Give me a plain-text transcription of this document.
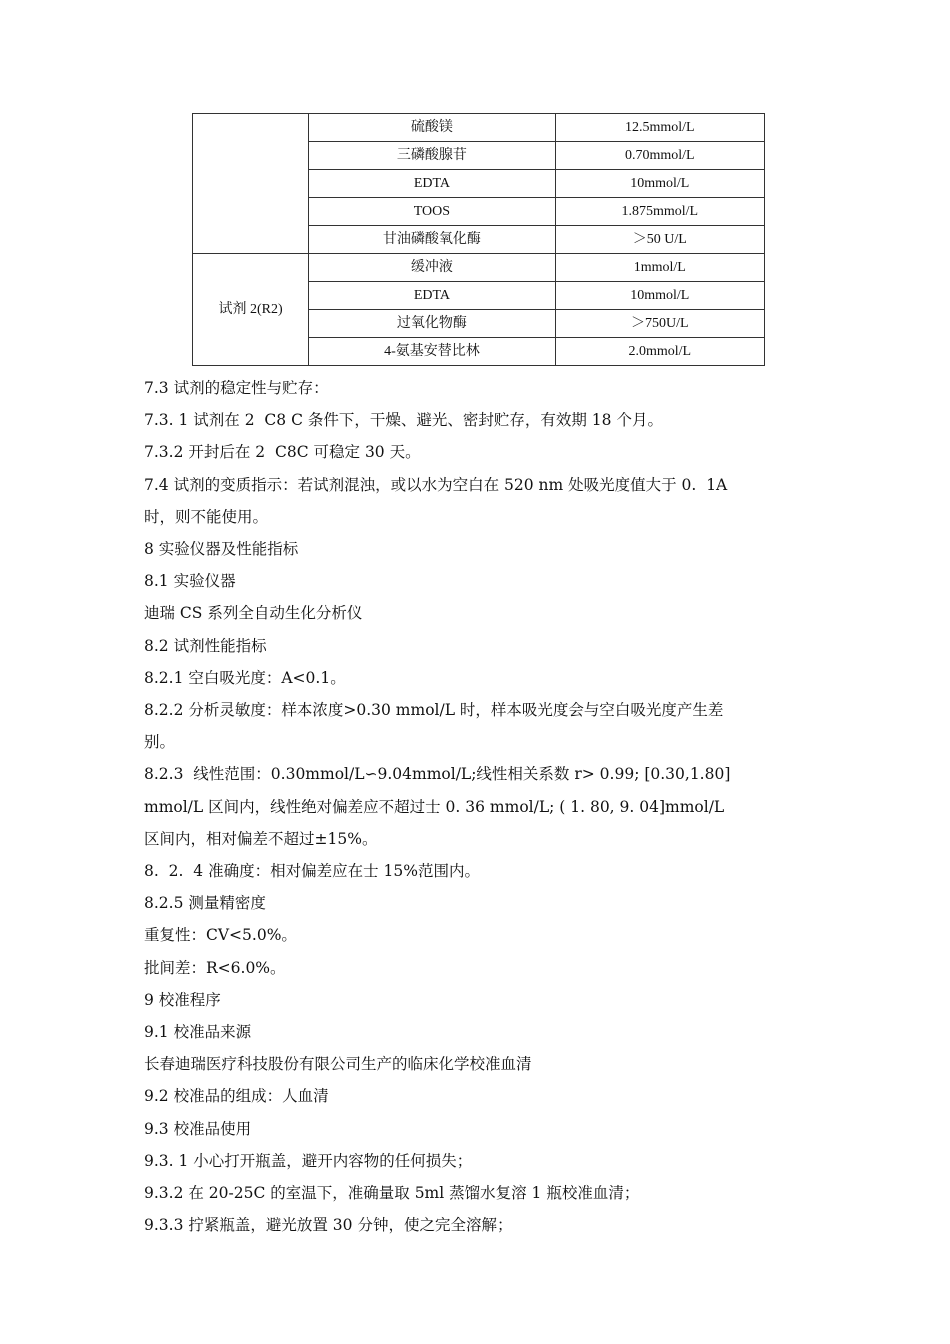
	硫酸镁	12.5mmol/L
	三磷酸腺苷	0.70mmol/L
	EDTA	10mmol/L
	TOOS	1.875mmol/L
	甘油磷酸氧化酶	＞50 U/L
试剂 2(R2)	缓冲液	1mmol/L
	EDTA	10mmol/L
	过氧化物酶	＞750U/L
	4-氨基安替比林	2.0mmol/L

7.3 试剂的稳定性与贮存：

7.3. 1 试剂在 2  C8 C 条件下，干燥、避光、密封贮存，有效期 18 个月。

7.3.2 开封后在 2  C8C 可稳定 30 天。

7.4 试剂的变质指示：若试剂混浊，或以水为空白在 520 nm 处吸光度值大于 0.  1A

时，则不能使用。

8 实验仪器及性能指标

8.1 实验仪器

迪瑞 CS 系列全自动生化分析仪

8.2 试剂性能指标

8.2.1 空白吸光度：A<0.1。

8.2.2 分析灵敏度：样本浓度>0.30 mmol/L 时，样本吸光度会与空白吸光度产生差

别。

8.2.3  线性范围：0.30mmol/L∽9.04mmol/L;线性相关系数 r> 0.99; [0.30,1.80]

mmol/L 区间内，线性绝对偏差应不超过士 0. 36 mmol/L; ( 1. 80, 9. 04]mmol/L

区间内，相对偏差不超过±15%。

8.  2.  4 准确度：相对偏差应在士 15%范围内。

8.2.5 测量精密度

重复性：CV<5.0%。

批间差：R<6.0%。

9 校准程序

9.1 校准品来源

长春迪瑞医疗科技股份有限公司生产的临床化学校准血清

9.2 校准品的组成：人血清

9.3 校准品使用

9.3. 1 小心打开瓶盖，避开内容物的任何损失；

9.3.2 在 20-25C 的室温下，准确量取 5ml 蒸馏水复溶 1 瓶校准血清；

9.3.3 拧紧瓶盖，避光放置 30 分钟，使之完全溶解；
